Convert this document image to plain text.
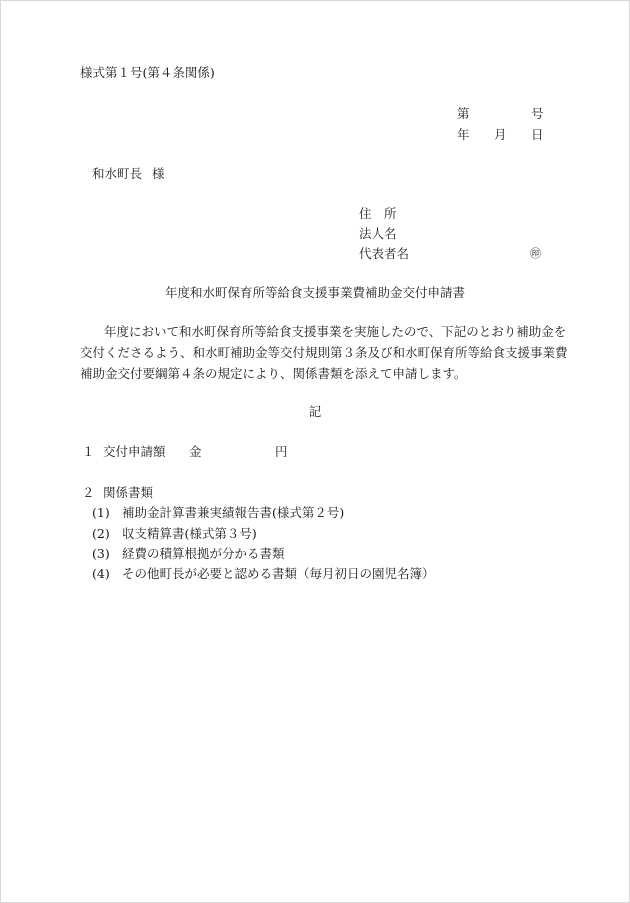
様式第１号(第４条関係)
第	号
年 月 日
和水町長 様
住　所
法人名
代表者名	㊞
年度和水町保育所等給食支援事業費補助金交付申請書
年度において和水町保育所等給食支援事業を実施したので、下記のとおり補助金を
交付くださるよう、和水町補助金等交付規則第３条及び和水町保育所等給食支援事業費
補助金交付要綱第４条の規定により、関係書類を添えて申請します。
記
１ 交付申請額 金	円
２ 関係書類
(1) 補助金計算書兼実績報告書(様式第２号)
(2) 収支精算書(様式第３号)
(3) 経費の積算根拠が分かる書類
(4) その他町長が必要と認める書類（毎月初日の園児名簿）
